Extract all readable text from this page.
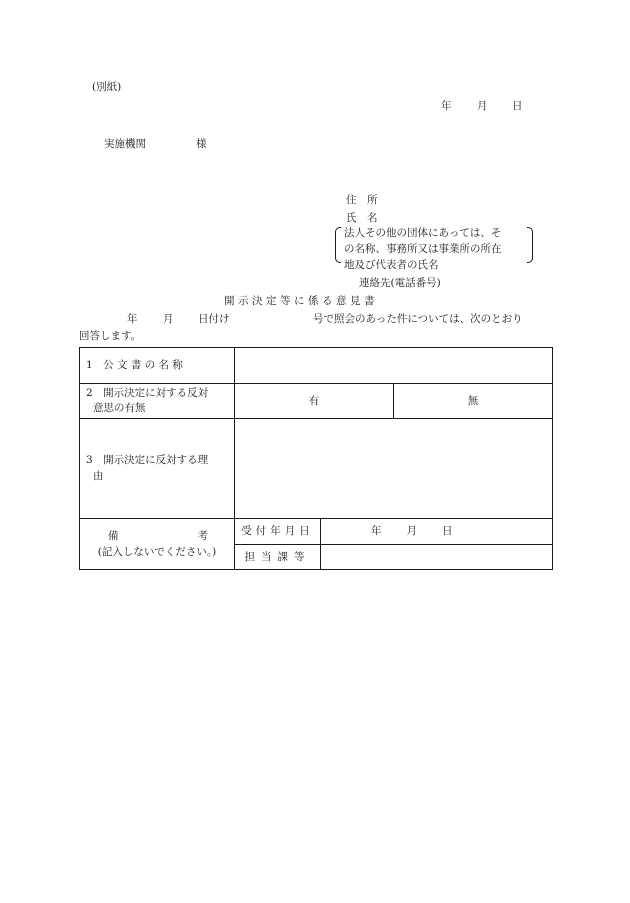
(別紙)
年 月 日
実施機関	様
住　所
氏　名
法人その他の団体にあっては、そ
の名称、事務所又は事業所の所在
地及び代表者の氏名
連絡先(電話番号)
開示決定等に係る意見書
年 月 日付け	号で照会のあった件については、次のとおり
回答します。
1　公 文 書 の 名 称			
2　開示決定に対する反対

意思の有無	有		無
3　開示決定に反対する理

由			

備 考
(記入しないでください。)	受付年月日	年 月 日	
	担当課等		
